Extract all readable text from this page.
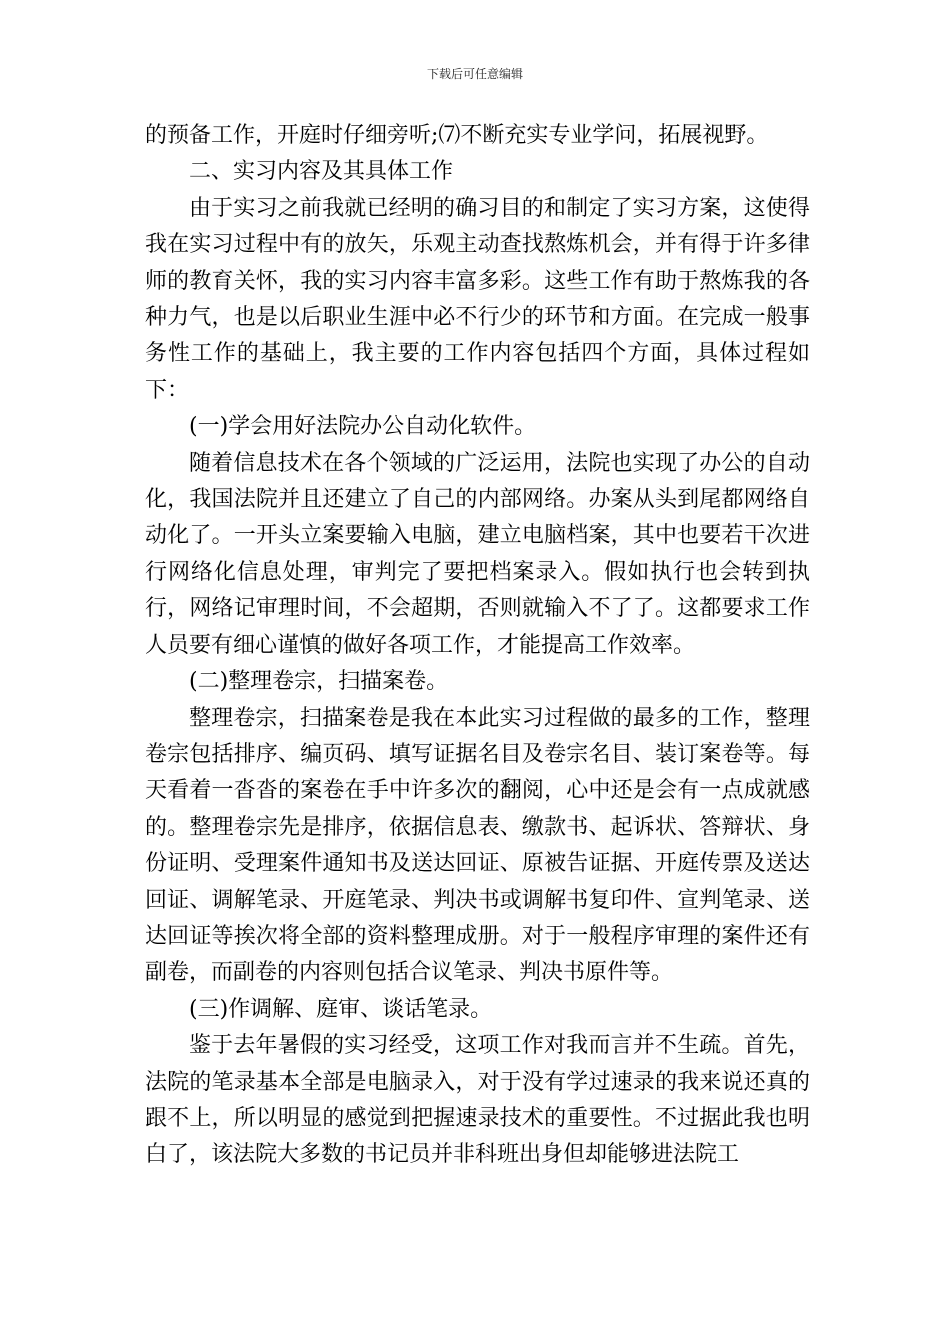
下载后可任意编辑

的预备工作，开庭时仔细旁听;⑺不断充实专业学问，拓展视野。

二、实习内容及其具体工作

由于实习之前我就已经明的确习目的和制定了实习方案，这使得我在实习过程中有的放矢，乐观主动查找熬炼机会，并有得于许多律师的教育关怀，我的实习内容丰富多彩。这些工作有助于熬炼我的各种力气，也是以后职业生涯中必不行少的环节和方面。在完成一般事务性工作的基础上，我主要的工作内容包括四个方面，具体过程如下：

(一)学会用好法院办公自动化软件。

随着信息技术在各个领域的广泛运用，法院也实现了办公的自动化，我国法院并且还建立了自己的内部网络。办案从头到尾都网络自动化了。一开头立案要输入电脑，建立电脑档案，其中也要若干次进行网络化信息处理，审判完了要把档案录入。假如执行也会转到执行，网络记审理时间，不会超期，否则就输入不了了。这都要求工作人员要有细心谨慎的做好各项工作，才能提高工作效率。

(二)整理卷宗，扫描案卷。

整理卷宗，扫描案卷是我在本此实习过程做的最多的工作，整理卷宗包括排序、编页码、填写证据名目及卷宗名目、装订案卷等。每天看着一沓沓的案卷在手中许多次的翻阅，心中还是会有一点成就感的。整理卷宗先是排序，依据信息表、缴款书、起诉状、答辩状、身份证明、受理案件通知书及送达回证、原被告证据、开庭传票及送达回证、调解笔录、开庭笔录、判决书或调解书复印件、宣判笔录、送达回证等挨次将全部的资料整理成册。对于一般程序审理的案件还有副卷，而副卷的内容则包括合议笔录、判决书原件等。

(三)作调解、庭审、谈话笔录。

鉴于去年暑假的实习经受，这项工作对我而言并不生疏。首先，法院的笔录基本全部是电脑录入，对于没有学过速录的我来说还真的跟不上，所以明显的感觉到把握速录技术的重要性。不过据此我也明白了，该法院大多数的书记员并非科班出身但却能够进法院工
